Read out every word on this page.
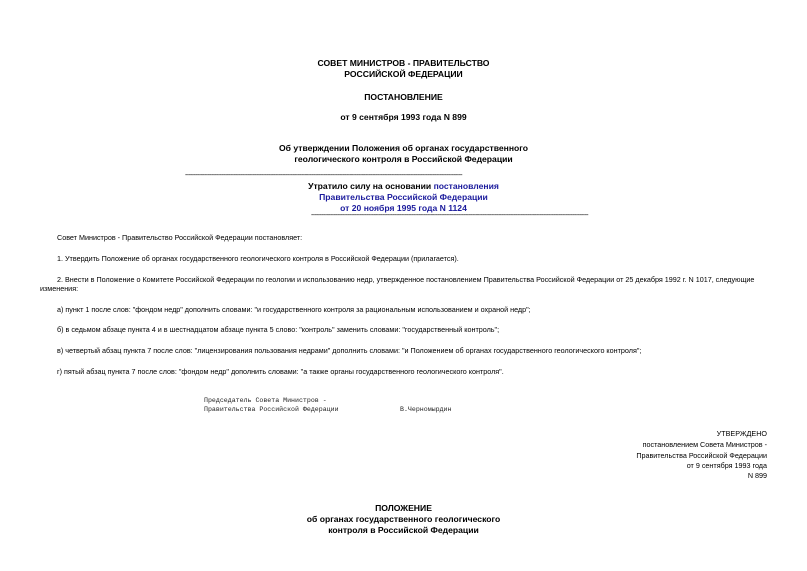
СОВЕТ МИНИСТРОВ - ПРАВИТЕЛЬСТВО
РОССИЙСКОЙ ФЕДЕРАЦИИ
ПОСТАНОВЛЕНИЕ
от 9 сентября 1993 года N 899
Об утверждении Положения об органах государственного
геологического контроля в Российской Федерации
----------------------------------------------------------------------------------------------------------------------------------------------------------------
Утратило силу на основании постановления
Правительства Российской Федерации
от 20 ноября 1995 года N 1124
----------------------------------------------------------------------------------------------------------------------------------------------------------------
Совет Министров - Правительство Российской Федерации постановляет:
1. Утвердить Положение об органах государственного геологического контроля в Российской Федерации (прилагается).
2. Внести в Положение о Комитете Российской Федерации по геологии и использованию недр, утвержденное постановлением Правительства Российской Федерации от 25 декабря 1992 г. N 1017, следующие изменения:
а) пункт 1 после слов: "фондом недр" дополнить словами: "и государственного контроля за рациональным использованием и охраной недр";
б) в седьмом абзаце пункта 4 и в шестнадцатом абзаце пункта 5 слово: "контроль" заменить словами: "государственный контроль";
в) четвертый абзац пункта 7 после слов: "лицензирования пользования недрами" дополнить словами: "и Положением об органах государственного геологического контроля";
г) пятый абзац пункта 7 после слов: "фондом недр" дополнить словами: "а также органы государственного геологического контроля".
Председатель Совета Министров -
Правительства Российской Федерации	В.Черномырдин
УТВЕРЖДЕНО
постановлением Совета Министров -
Правительства Российской Федерации
от 9 сентября 1993 года
N 899
ПОЛОЖЕНИЕ
об органах государственного геологического
контроля в Российской Федерации
